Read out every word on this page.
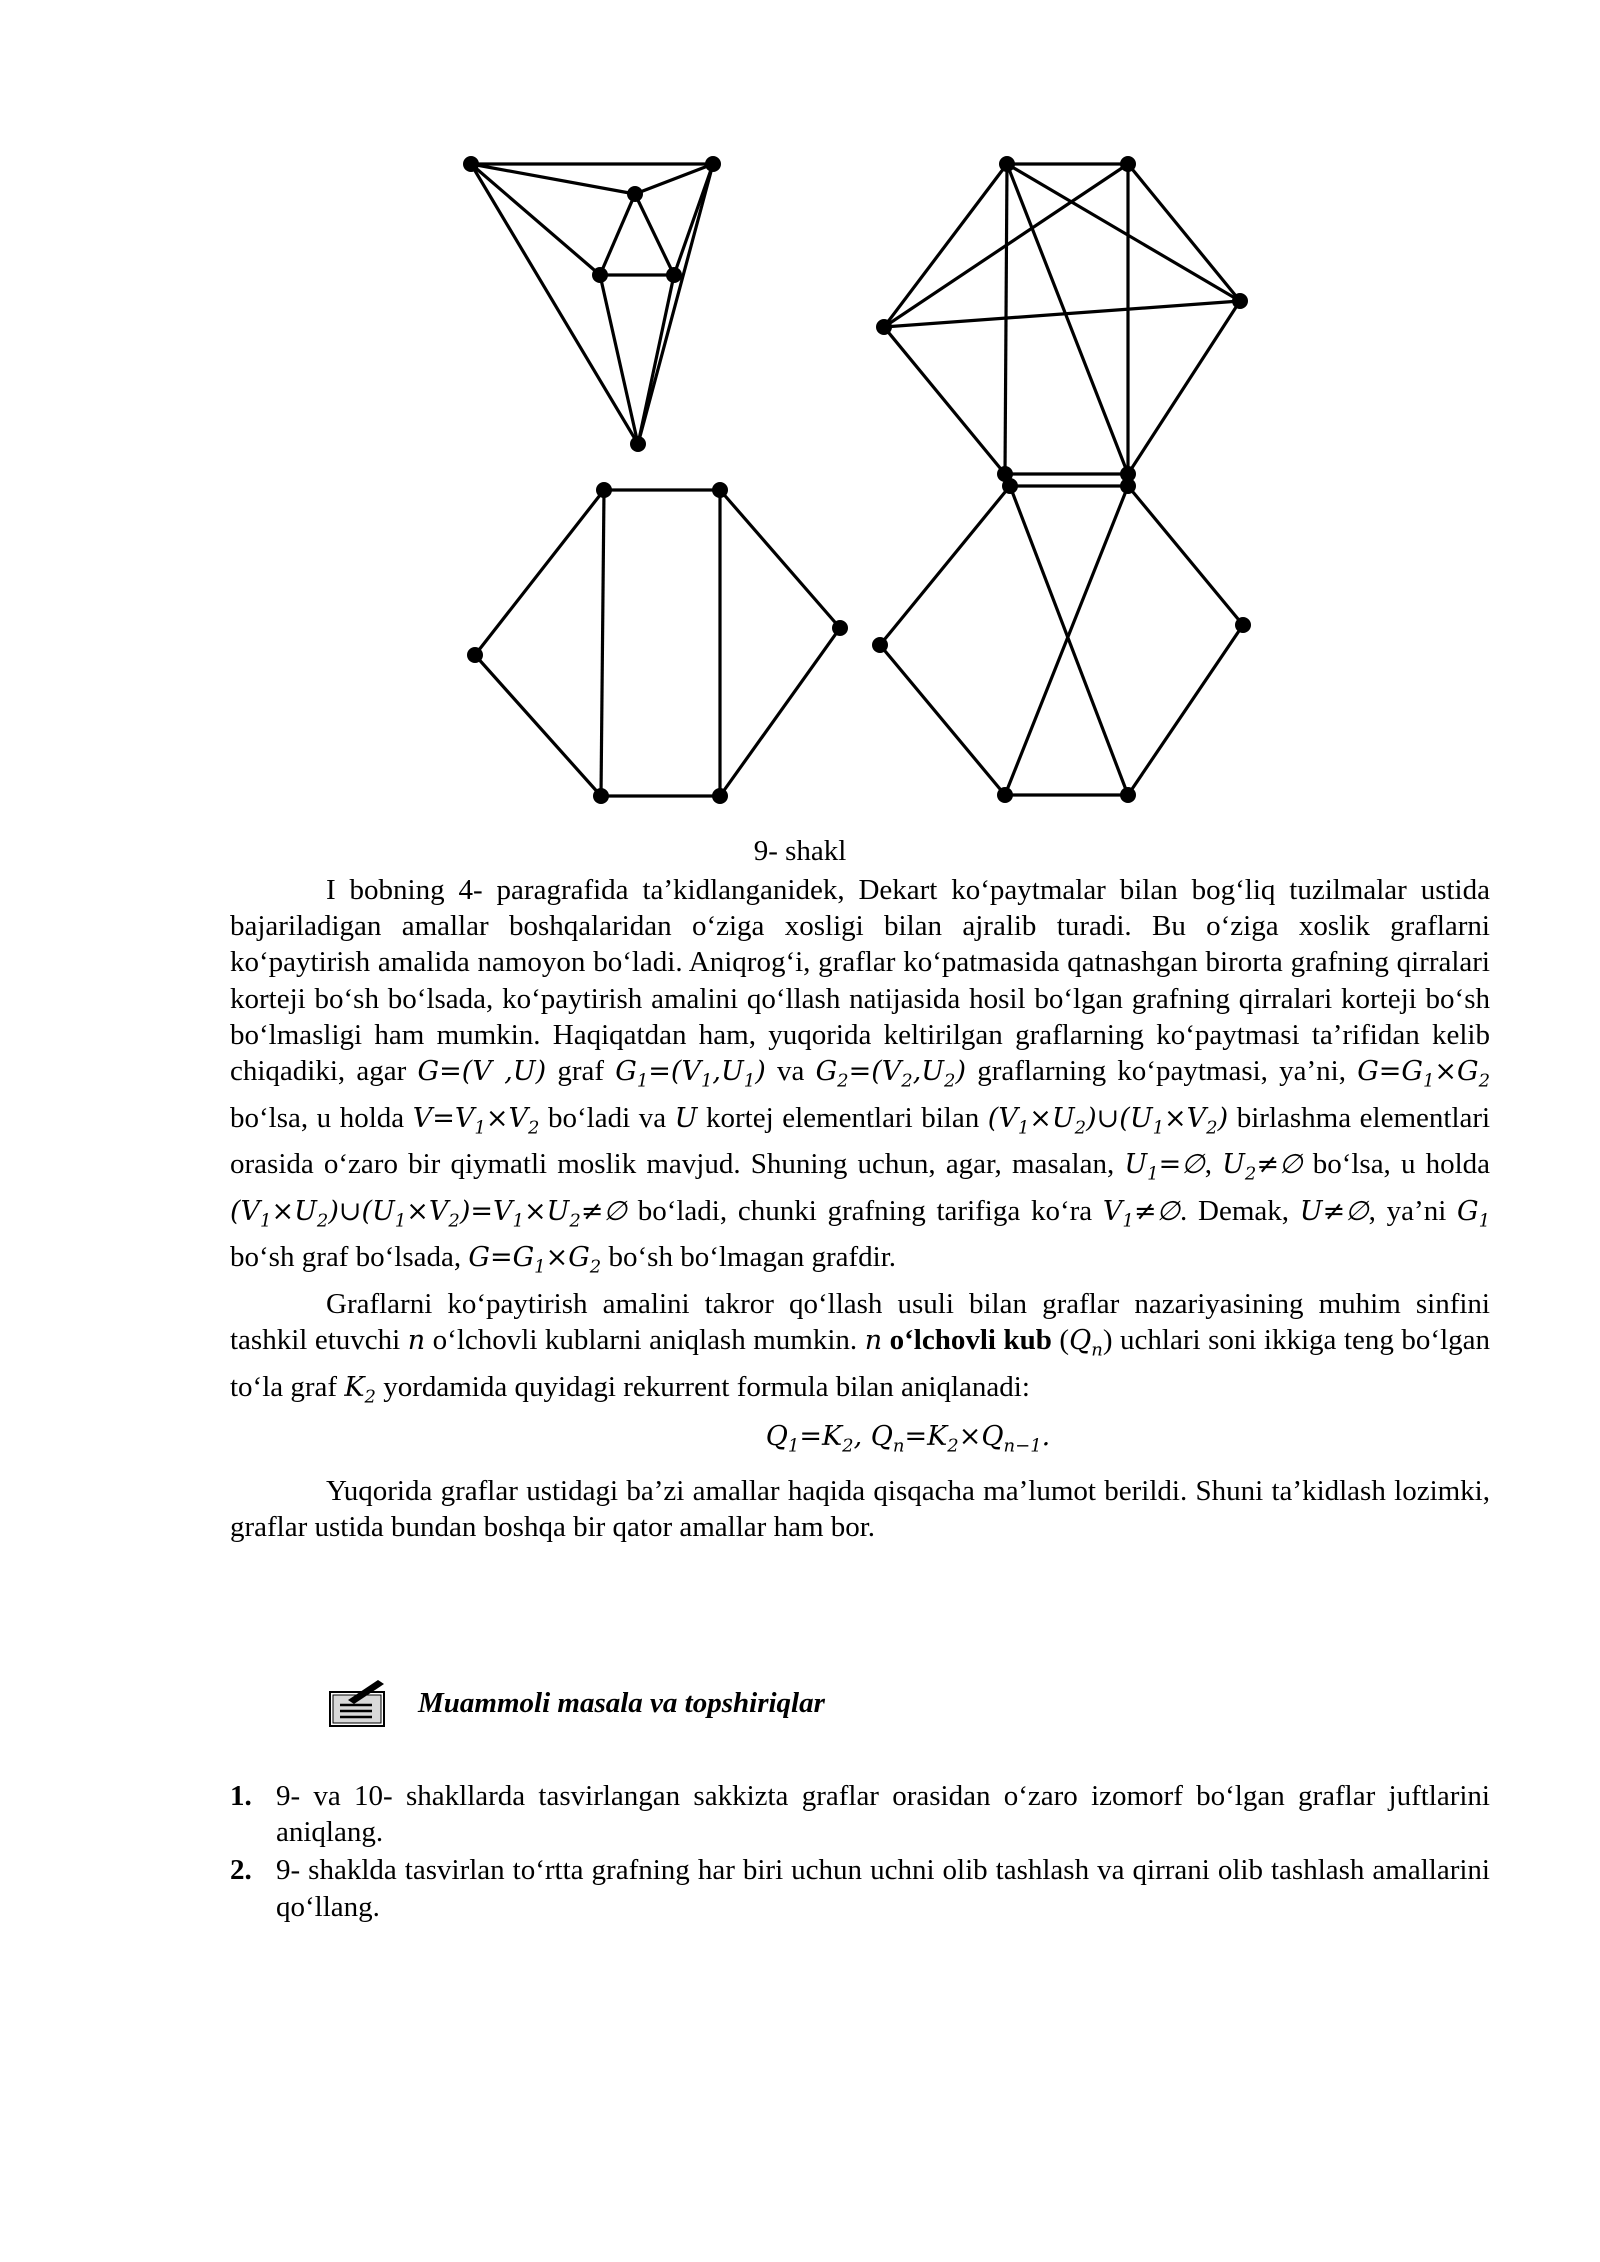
9- shakl

I bobning 4- paragrafida ta’kidlanganidek, Dekart ko‘paytmalar bilan bog‘liq tuzilmalar ustida bajariladigan amallar boshqalaridan o‘ziga xosligi bilan ajralib turadi. Bu o‘ziga xoslik graflarni ko‘paytirish amalida namoyon bo‘ladi. Aniqrog‘i, graflar ko‘patmasida qatnashgan birorta grafning qirralari korteji bo‘sh bo‘lsada, ko‘paytirish amalini qo‘llash natijasida hosil bo‘lgan grafning qirralari korteji bo‘sh bo‘lmasligi ham mumkin. Haqiqatdan ham, yuqorida keltirilgan graflarning ko‘paytmasi ta’rifidan kelib chiqadiki, agar G=(V ,U) graf $G_1=(V_1,U_1)$ va $G_2=(V_2,U_2)$ graflarning ko‘paytmasi, ya’ni, $G=G_1\times G_2$ bo‘lsa, u holda $V=V_1\times V_2$ bo‘ladi va U kortej elementlari bilan $(V_1\times U_2)\cup(U_1\times V_2)$ birlashma elementlari orasida o‘zaro bir qiymatli moslik mavjud. Shuning uchun, agar, masalan, $U_1=\emptyset$, $U_2\ne\emptyset$ bo‘lsa, u holda $(V_1\times U_2)\cup(U_1\times V_2)=V_1\times U_2\ne\emptyset$ bo‘ladi, chunki grafning tarifiga ko‘ra $V_1\ne\emptyset$. Demak, U≠∅, ya’ni $G_1$ bo‘sh graf bo‘lsada, $G=G_1\times G_2$ bo‘sh bo‘lmagan grafdir.

Graflarni ko‘paytirish amalini takror qo‘llash usuli bilan graflar nazariyasining muhim sinfini tashkil etuvchi n o‘lchovli kublarni aniqlash mumkin. n o‘lchovli kub $(Q_n)$ uchlari soni ikkiga teng bo‘lgan to‘la graf $K_2$ yordamida quyidagi rekurrent formula bilan aniqlanadi:
$Q_1=K_2$, $Q_n=K_2\times Q_{n-1}$.

Yuqorida graflar ustidagi ba’zi amallar haqida qisqacha ma’lumot berildi. Shuni ta’kidlash lozimki, graflar ustida bundan boshqa bir qator amallar ham bor.

Muammoli masala va topshiriqlar
1. 9- va 10- shakllarda tasvirlangan sakkizta graflar orasidan o‘zaro izomorf bo‘lgan graflar juftlarini aniqlang.
2. 9- shaklda tasvirlan to‘rtta grafning har biri uchun uchni olib tashlash va qirrani olib tashlash amallarini qo‘llang.
